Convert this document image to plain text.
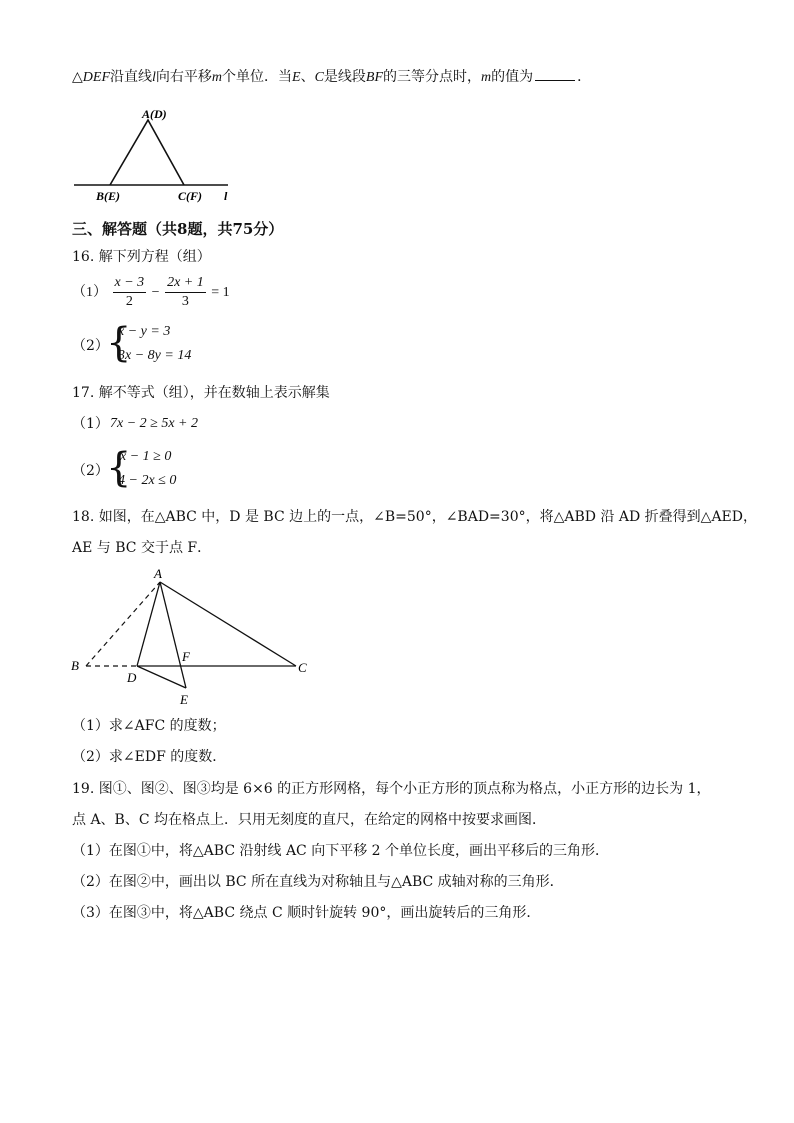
△DEF沿直线l向右平移m个单位．当E、C是线段BF的三等分点时，m的值为	．
A(D)
B(E)	C(F) l
三、解答题（共8题，共75分）
16. 解下列方程（组）
$(1) \frac{x - 3}{2} - \frac{2x + 1}{3} = 1$
（2）
{
x − y = 3
3x − 8y = 14
17. 解不等式（组），并在数轴上表示解集
（1） 7x − 2 ≥ 5x + 2
（2）
{
x − 1 ≥ 0
4 − 2x ≤ 0
18. 如图，在△ABC 中，D 是 BC 边上的一点，∠B=50°，∠BAD=30°，将△ABD 沿 AD 折叠得到△AED，
AE 与 BC 交于点 F．
A
B	C
D
E
F
（1）求∠AFC 的度数；
（2）求∠EDF 的度数．
19. 图①、图②、图③均是 6×6 的正方形网格，每个小正方形的顶点称为格点，小正方形的边长为 1，
点 A、B、C 均在格点上．只用无刻度的直尺，在给定的网格中按要求画图．
（1）在图①中，将△ABC 沿射线 AC 向下平移 2 个单位长度，画出平移后的三角形．
（2）在图②中，画出以 BC 所在直线为对称轴且与△ABC 成轴对称的三角形．
（3）在图③中，将△ABC 绕点 C 顺时针旋转 90°，画出旋转后的三角形．
